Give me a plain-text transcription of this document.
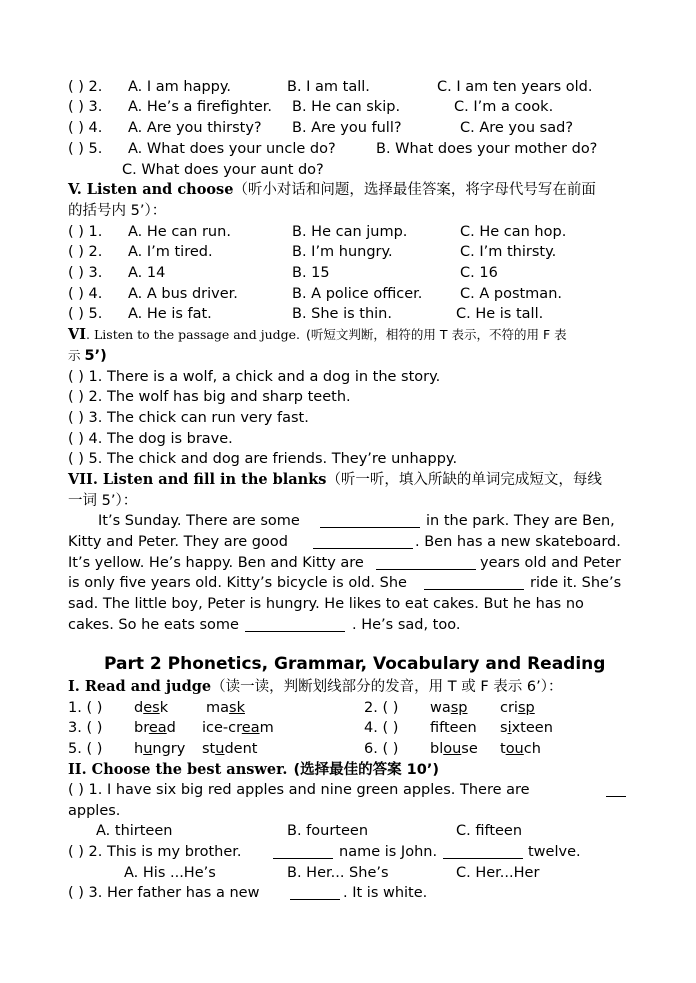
( ) 2. A. I am happy.	B. I am tall.	C. I am ten years old.
( ) 3. A. He’s a firefighter. B. He can skip.	C. I’m a cook.
( ) 4. A. Are you thirsty? B. Are you full?	C. Are you sad?
( ) 5. A. What does your uncle do?	B. What does your mother do?
C. What does your aunt do?
V. Listen and choose（听小对话和问题，选择最佳答案，将字母代号写在前面
的括号内 5’）：
( ) 1. A. He can run.	B. He can jump.	C. He can hop.
( ) 2. A. I’m tired.	B. I’m hungry.	C. I’m thirsty.
( ) 3. A. 14	B. 15	C. 16
( ) 4. A. A bus driver.	B. A police officer.	C. A postman.
( ) 5. A. He is fat.	B. She is thin.	C. He is tall.
VI. Listen to the passage and judge. (听短文判断，相符的用 T 表示，不符的用 F 表
示 5’)
( ) 1. There is a wolf, a chick and a dog in the story.
( ) 2. The wolf has big and sharp teeth.
( ) 3. The chick can run very fast.
( ) 4. The dog is brave.
( ) 5. The chick and dog are friends. They’re unhappy.
VII. Listen and fill in the blanks（听一听，填入所缺的单词完成短文，每线
一词 5’）：
It’s Sunday. There are some	in the park. They are Ben,
Kitty and Peter. They are good	. Ben has a new skateboard.
It’s yellow. He’s happy. Ben and Kitty are	years old and Peter
is only five years old. Kitty’s bicycle is old. She	ride it. She’s
sad. The little boy, Peter is hungry. He likes to eat cakes. But he has no
cakes. So he eats some	. He’s sad, too.
Part 2 Phonetics, Grammar, Vocabulary and Reading
I. Read and judge（读一读，判断划线部分的发音，用 T 或 F 表示 6’）：
1. ( ) desk	mask	2. ( ) wasp crisp
3. ( ) bread ice-cream	4. ( ) ffteen sixteen
5. ( ) hungry student	6. ( ) blouse touch
II. Choose the best answer. (选择最佳的答案 10’)
( ) 1. I have six big red apples and nine green apples. There are
apples.
A. thirteen	B. fourteen	C. fifteen
( ) 2. This is my brother.	name is John.	twelve.
A. His ...He’s	B. Her... She’s	C. Her...Her
( ) 3. Her father has a new	. It is white.
